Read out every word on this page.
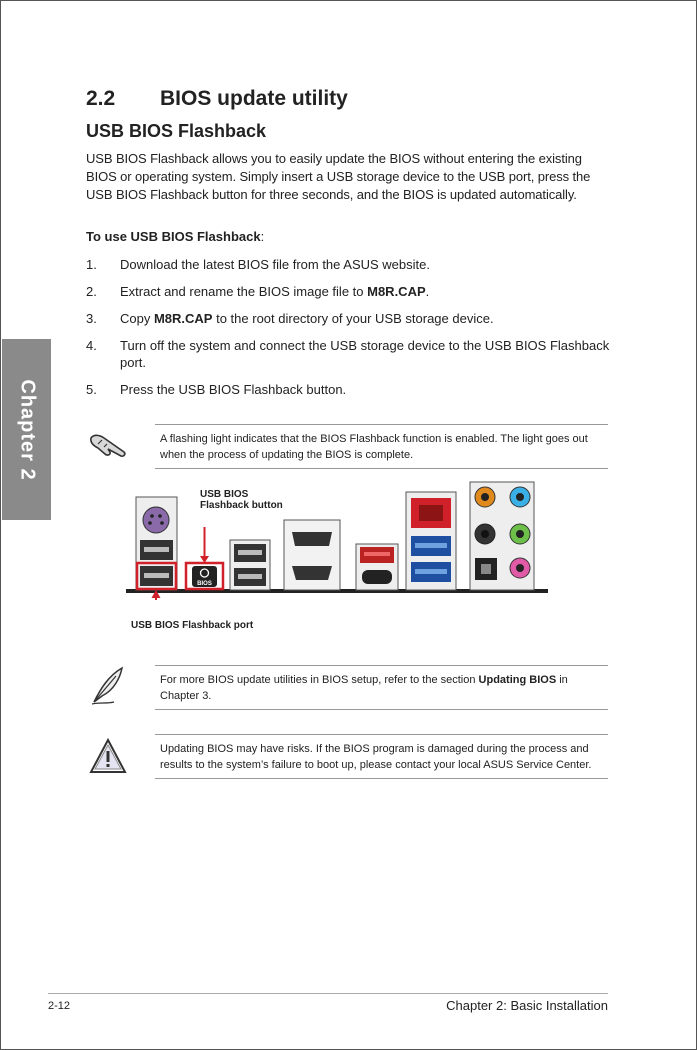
2.2 BIOS update utility
USB BIOS Flashback
USB BIOS Flashback allows you to easily update the BIOS without entering the existing BIOS or operating system. Simply insert a USB storage device to the USB port, press the USB BIOS Flashback button for three seconds, and the BIOS is updated automatically.
To use USB BIOS Flashback:
1. Download the latest BIOS file from the ASUS website.
2. Extract and rename the BIOS image file to M8R.CAP.
3. Copy M8R.CAP to the root directory of your USB storage device.
4. Turn off the system and connect the USB storage device to the USB BIOS Flashback port.
5. Press the USB BIOS Flashback button.
Chapter 2	A flashing light indicates that the BIOS Flashback function is enabled. The light goes out when the process of updating the BIOS is complete.
BIOS
USB BIOS
Flashback button
USB BIOS Flashback port
For more BIOS update utilities in BIOS setup, refer to the section Updating BIOS in Chapter 3.
Updating BIOS may have risks. If the BIOS program is damaged during the process and results to the system’s failure to boot up, please contact your local ASUS Service Center.
2-12	Chapter 2: Basic Installation
